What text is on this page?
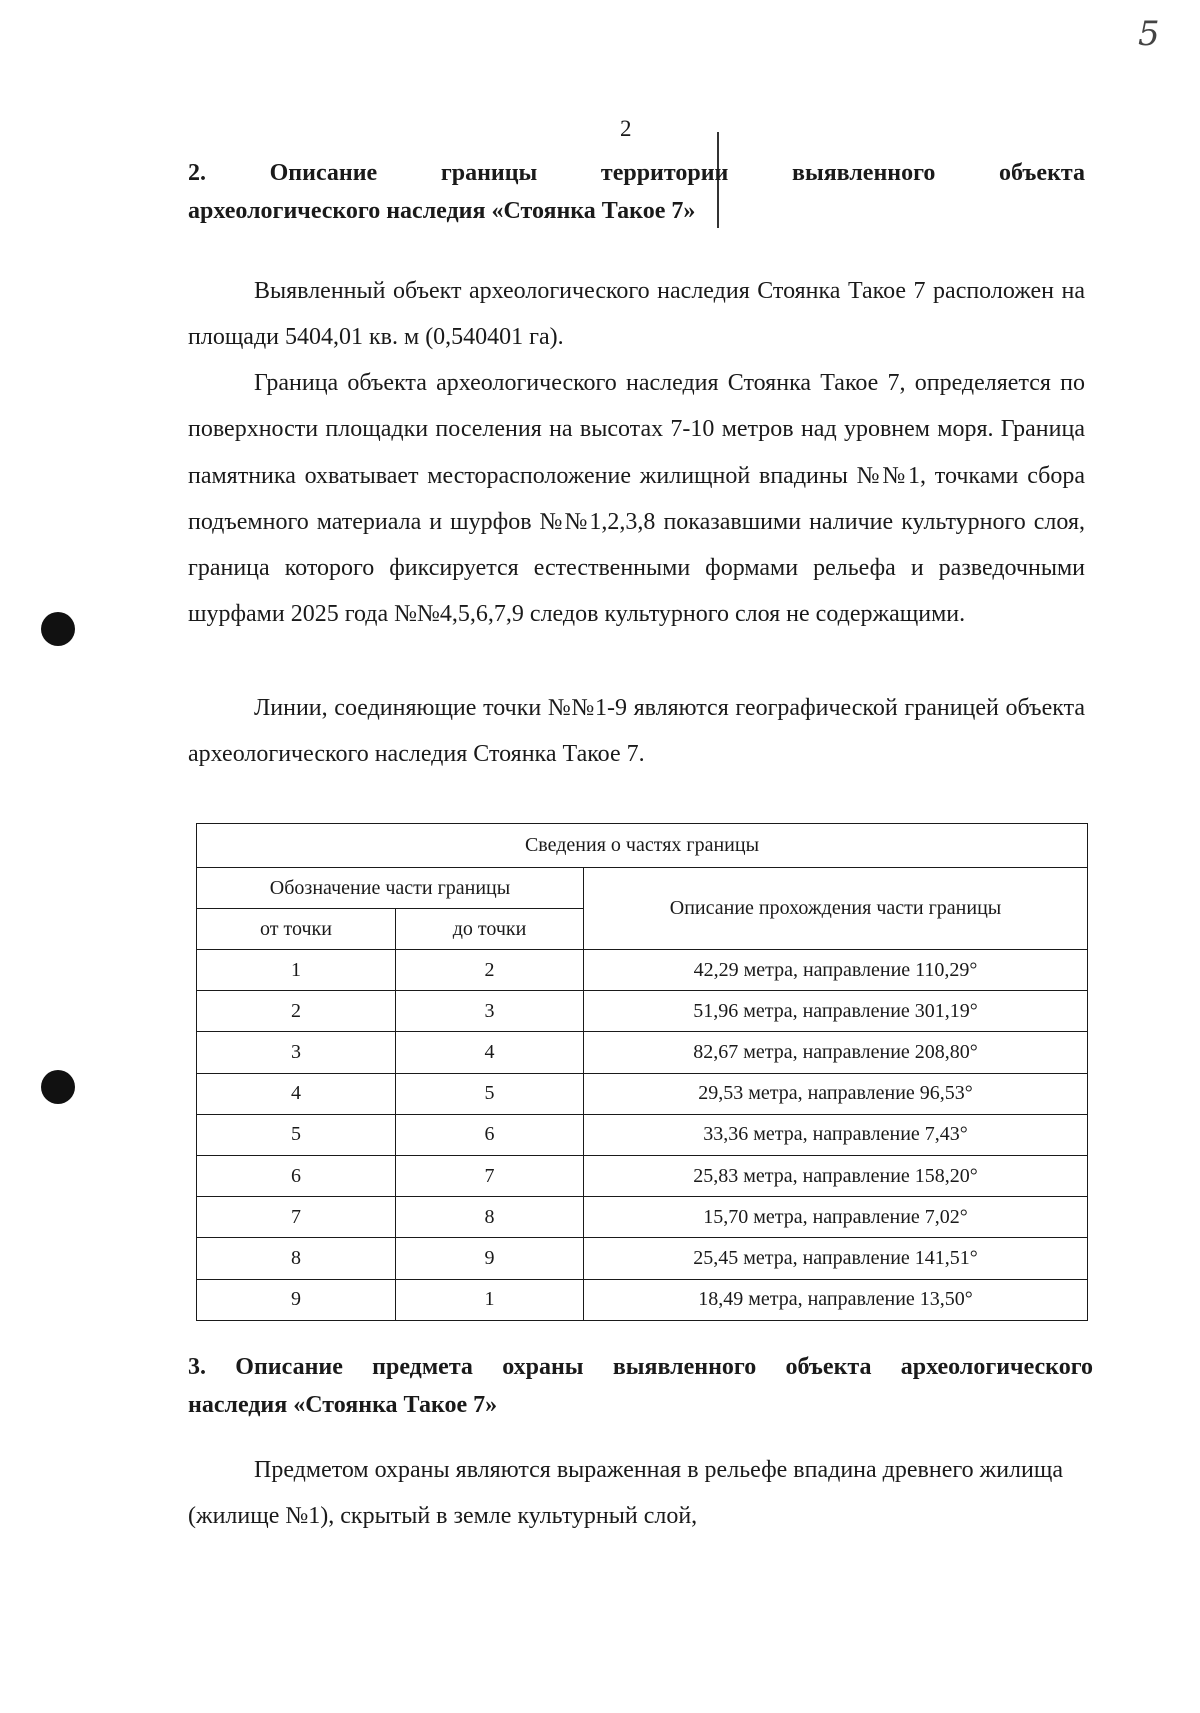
5
2
2. Описание	границы	территории	выявленного	объекта
археологического наследия «Стоянка Такое 7»

Выявленный объект археологического наследия Стоянка Такое 7 расположен на площади 5404,01 кв. м (0,540401 га).

Граница объекта археологического наследия Стоянка Такое 7, определяется по поверхности площадки поселения на высотах 7-10 метров над уровнем моря. Граница памятника охватывает месторасположение жилищной впадины №№1, точками сбора подъемного материала и шурфов №№1,2,3,8 показавшими наличие культурного слоя, граница которого фиксируется естественными формами рельефа и разведочными шурфами 2025 года №№4,5,6,7,9 следов культурного слоя не содержащими.

Линии, соединяющие точки №№1-9 являются географической границей объекта археологического наследия Стоянка Такое 7.

Сведения о частях границы		
Обозначение части границы		Описание прохождения части границы
от точки	до точки	
1	2	42,29 метра, направление 110,29°
2	3	51,96 метра, направление 301,19°
3	4	82,67 метра, направление 208,80°
4	5	29,53 метра, направление 96,53°
5	6	33,36 метра, направление 7,43°
6	7	25,83 метра, направление 158,20°
7	8	15,70 метра, направление 7,02°
8	9	25,45 метра, направление 141,51°
9	1	18,49 метра, направление 13,50°
3. Описание предмета охраны выявленного объекта археологического
наследия «Стоянка Такое 7»

Предметом охраны являются выраженная в рельефе впадина древнего жилища (жилище №1), скрытый в земле культурный слой,
